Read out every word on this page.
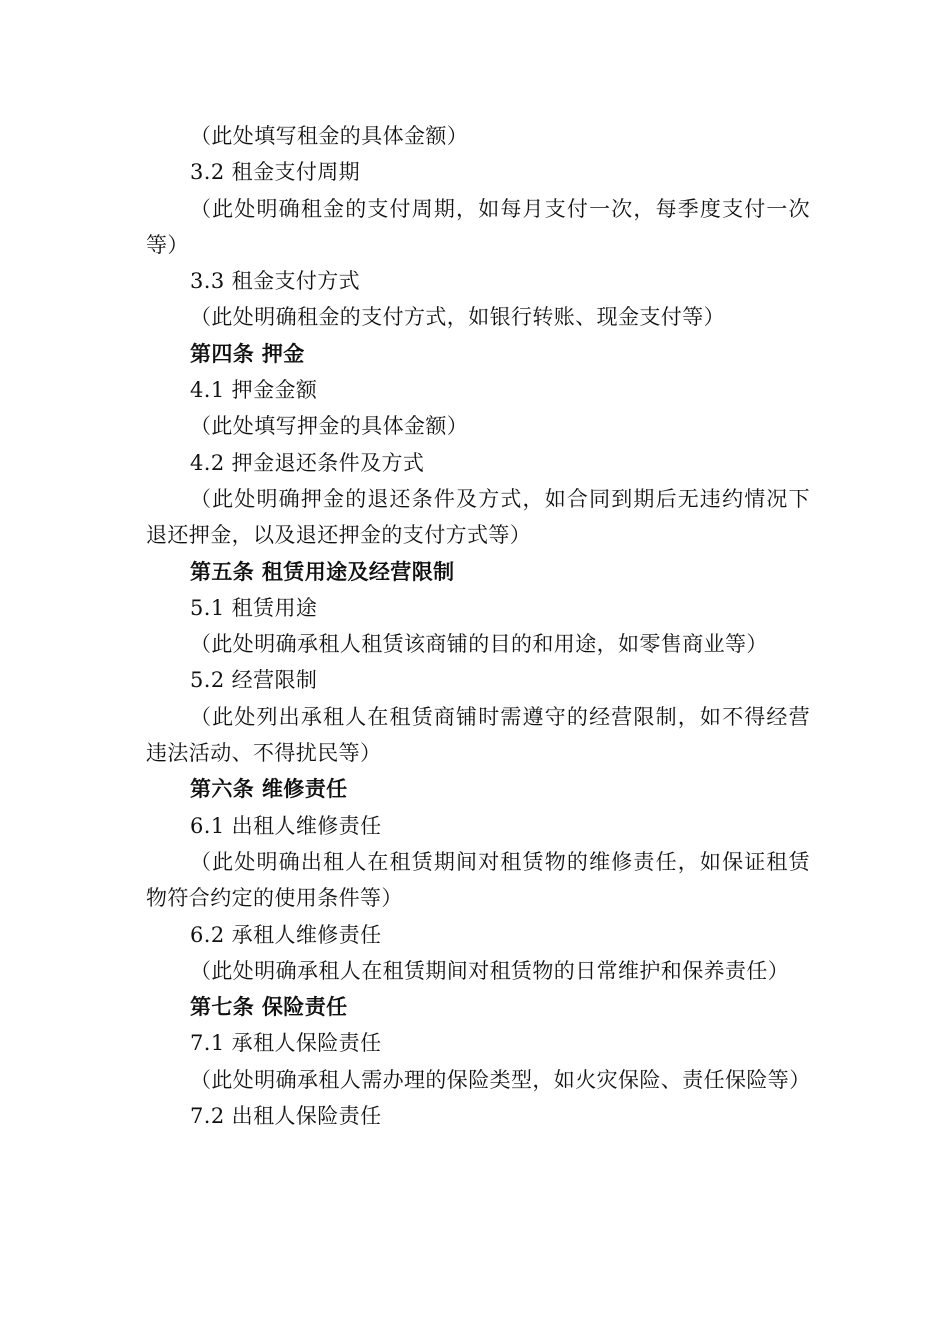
（此处填写租金的具体金额）

3.2 租金支付周期

（此处明确租金的支付周期，如每月支付一次，每季度支付一次等）

3.3 租金支付方式

（此处明确租金的支付方式，如银行转账、现金支付等）

第四条 押金

4.1 押金金额

（此处填写押金的具体金额）

4.2 押金退还条件及方式

（此处明确押金的退还条件及方式，如合同到期后无违约情况下退还押金，以及退还押金的支付方式等）

第五条 租赁用途及经营限制

5.1 租赁用途

（此处明确承租人租赁该商铺的目的和用途，如零售商业等）

5.2 经营限制

（此处列出承租人在租赁商铺时需遵守的经营限制，如不得经营违法活动、不得扰民等）

第六条 维修责任

6.1 出租人维修责任

（此处明确出租人在租赁期间对租赁物的维修责任，如保证租赁物符合约定的使用条件等）

6.2 承租人维修责任

（此处明确承租人在租赁期间对租赁物的日常维护和保养责任）

第七条 保险责任

7.1 承租人保险责任

（此处明确承租人需办理的保险类型，如火灾保险、责任保险等）

7.2 出租人保险责任
